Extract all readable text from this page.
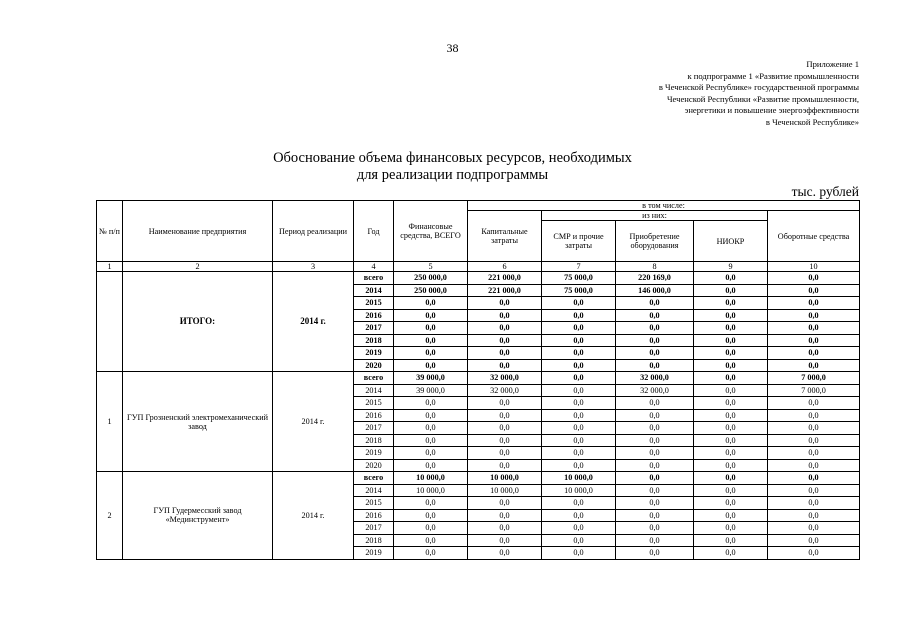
38
Приложение 1
к подпрограмме 1 «Развитие промышленности
в Чеченской Республике» государственной программы
Чеченской Республики «Развитие промышленности,
энергетики и повышение энергоэффективности
в Чеченской Республике»
Обоснование объема финансовых ресурсов, необходимых
для реализации подпрограммы
тыс. рублей
№ п/п	Наименование предприятия	Период реализации	Год	Финансовые средства, ВСЕГО	в том числе:				
					Капитальные затраты	из них:			Оборотные средства
						СМР и прочие затраты	Приобретение оборудования	НИОКР	
1	2	3	4	5	6	7	8	9	10
	ИТОГО:	2014 г.	всего	250 000,0	221 000,0	75 000,0	220 169,0	0,0	0,0
			2014	250 000,0	221 000,0	75 000,0	146 000,0	0,0	0,0
			2015	0,0	0,0	0,0	0,0	0,0	0,0
			2016	0,0	0,0	0,0	0,0	0,0	0,0
			2017	0,0	0,0	0,0	0,0	0,0	0,0
			2018	0,0	0,0	0,0	0,0	0,0	0,0
			2019	0,0	0,0	0,0	0,0	0,0	0,0
			2020	0,0	0,0	0,0	0,0	0,0	0,0
1	ГУП Грозненский электромеханический завод	2014 г.	всего	39 000,0	32 000,0	0,0	32 000,0	0,0	7 000,0
			2014	39 000,0	32 000,0	0,0	32 000,0	0,0	7 000,0
			2015	0,0	0,0	0,0	0,0	0,0	0,0
			2016	0,0	0,0	0,0	0,0	0,0	0,0
			2017	0,0	0,0	0,0	0,0	0,0	0,0
			2018	0,0	0,0	0,0	0,0	0,0	0,0
			2019	0,0	0,0	0,0	0,0	0,0	0,0
			2020	0,0	0,0	0,0	0,0	0,0	0,0
2	ГУП Гудермесский завод «Мединструмент»	2014 г.	всего	10 000,0	10 000,0	10 000,0	0,0	0,0	0,0
			2014	10 000,0	10 000,0	10 000,0	0,0	0,0	0,0
			2015	0,0	0,0	0,0	0,0	0,0	0,0
			2016	0,0	0,0	0,0	0,0	0,0	0,0
			2017	0,0	0,0	0,0	0,0	0,0	0,0
			2018	0,0	0,0	0,0	0,0	0,0	0,0
			2019	0,0	0,0	0,0	0,0	0,0	0,0
